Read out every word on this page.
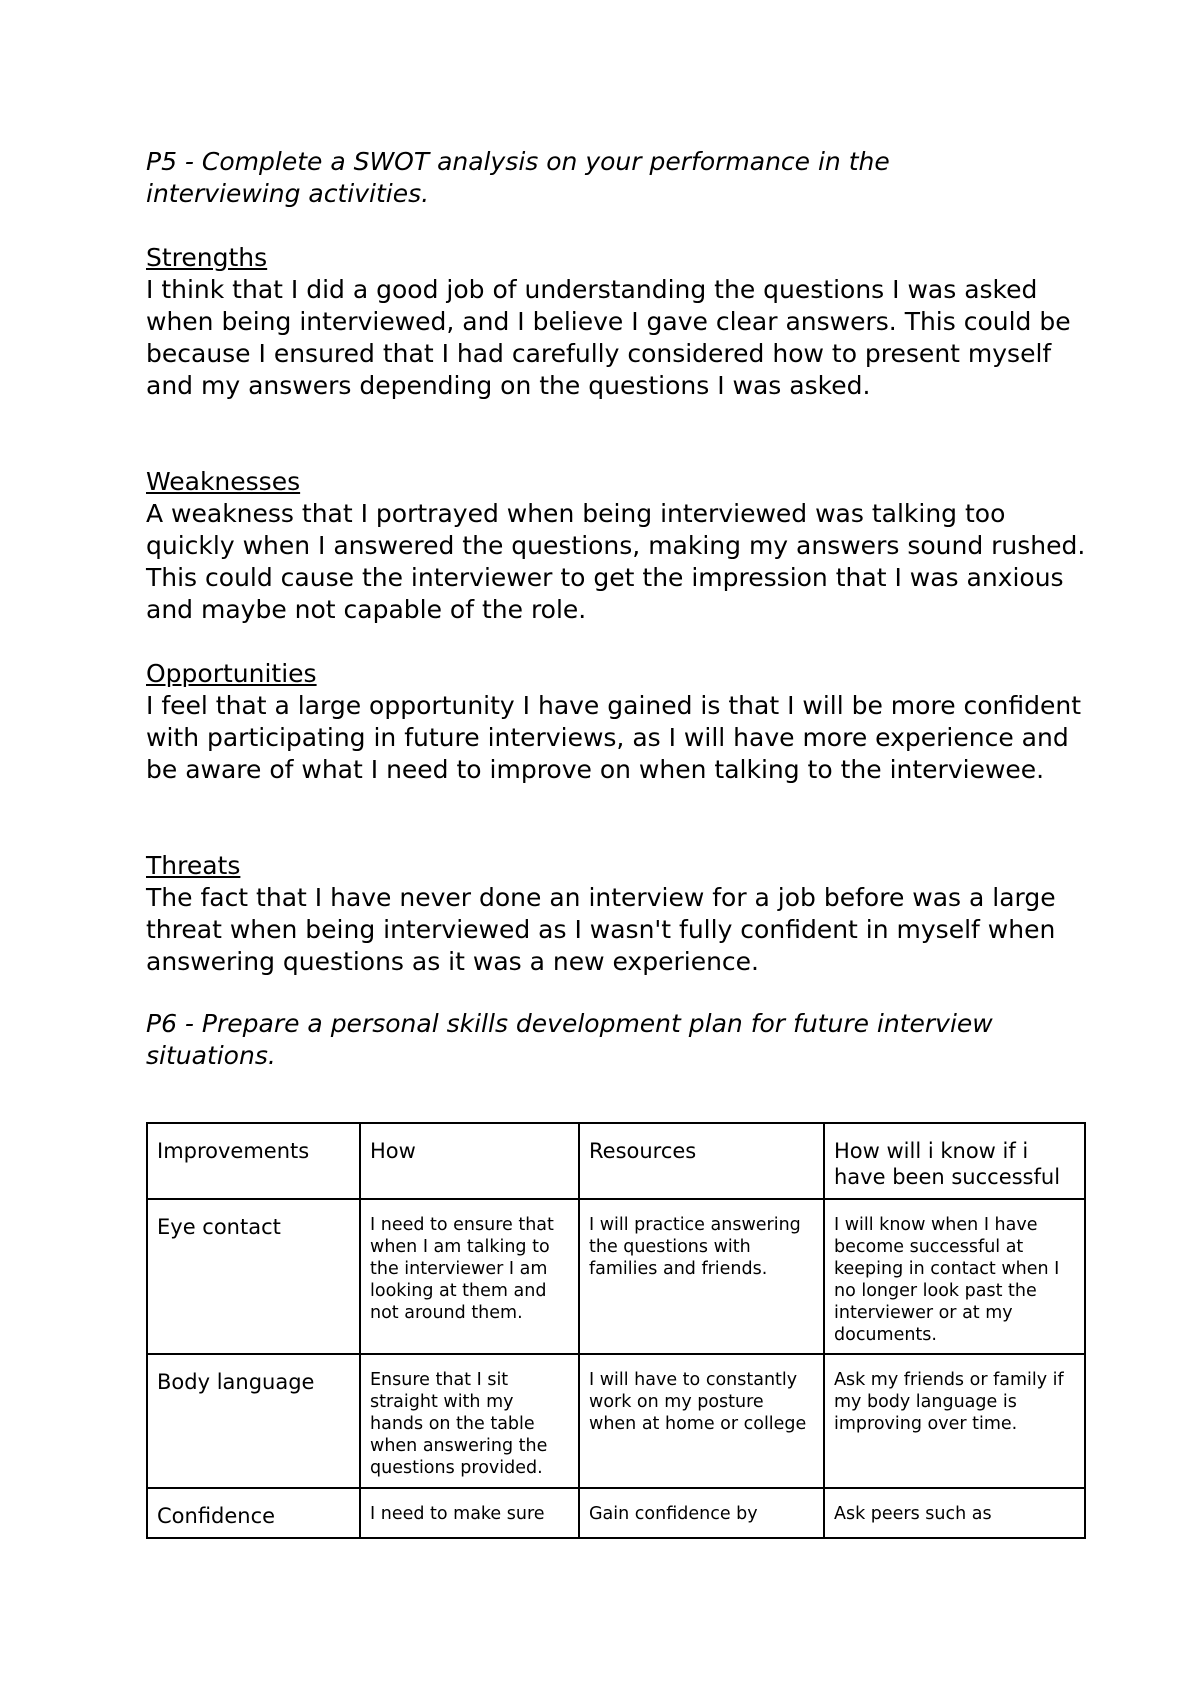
P5 - Complete a SWOT analysis on your performance in the
interviewing activities.

Strengths

I think that I did a good job of understanding the questions I was asked when being interviewed, and I believe I gave clear answers. This could be because I ensured that I had carefully considered how to present myself and my answers depending on the questions I was asked.

Weaknesses

A weakness that I portrayed when being interviewed was talking too quickly when I answered the questions, making my answers sound rushed. This could cause the interviewer to get the impression that I was anxious and maybe not capable of the role.

Opportunities

I feel that a large opportunity I have gained is that I will be more confident with participating in future interviews, as I will have more experience and be aware of what I need to improve on when talking to the interviewee.

Threats

The fact that I have never done an interview for a job before was a large threat when being interviewed as I wasn't fully confident in myself when answering questions as it was a new experience.

P6 - Prepare a personal skills development plan for future interview
situations.

Improvements	How	Resources	How will i know if i have been successful
Eye contact	I need to ensure that when I am talking to the interviewer I am looking at them and not around them.	I will practice answering the questions with families and friends.	I will know when I have become successful at keeping in contact when I no longer look past the interviewer or at my documents.
Body language	Ensure that I sit straight with my hands on the table when answering the questions provided.	I will have to constantly work on my posture when at home or college	Ask my friends or family if my body language is improving over time.
Confidence	I need to make sure	Gain confidence by	Ask peers such as
